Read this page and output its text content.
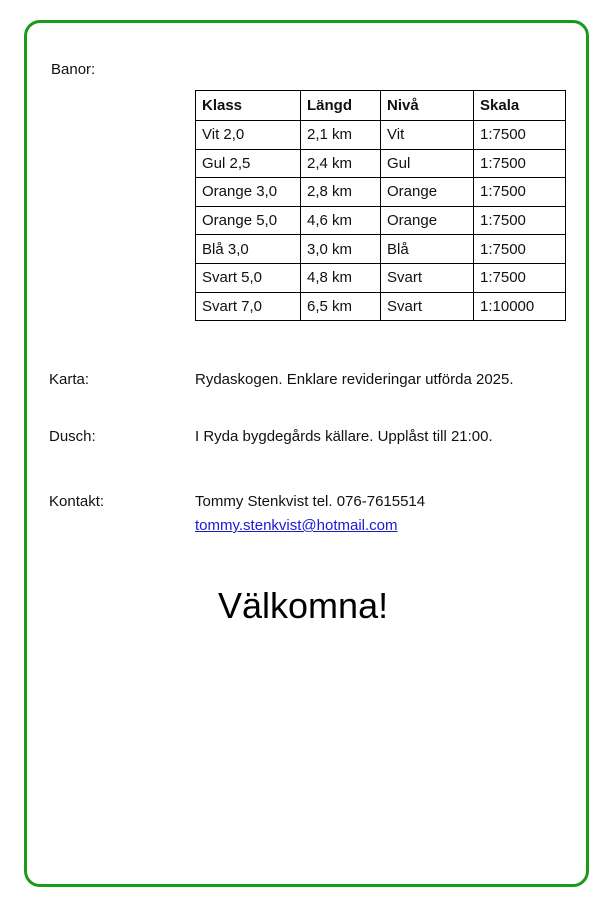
Banor:
Klass	Längd	Nivå	Skala
Vit 2,0	2,1 km	Vit	1:7500
Gul 2,5	2,4 km	Gul	1:7500
Orange 3,0	2,8 km	Orange	1:7500
Orange 5,0	4,6 km	Orange	1:7500
Blå 3,0	3,0 km	Blå	1:7500
Svart 5,0	4,8 km	Svart	1:7500
Svart 7,0	6,5 km	Svart	1:10000
Karta:	Rydaskogen. Enklare revideringar utförda 2025.
Dusch:	I Ryda bygdegårds källare. Upplåst till 21:00.
Kontakt:	Tommy Stenkvist tel. 076-7615514
tommy.stenkvist@hotmail.com
Välkomna!
